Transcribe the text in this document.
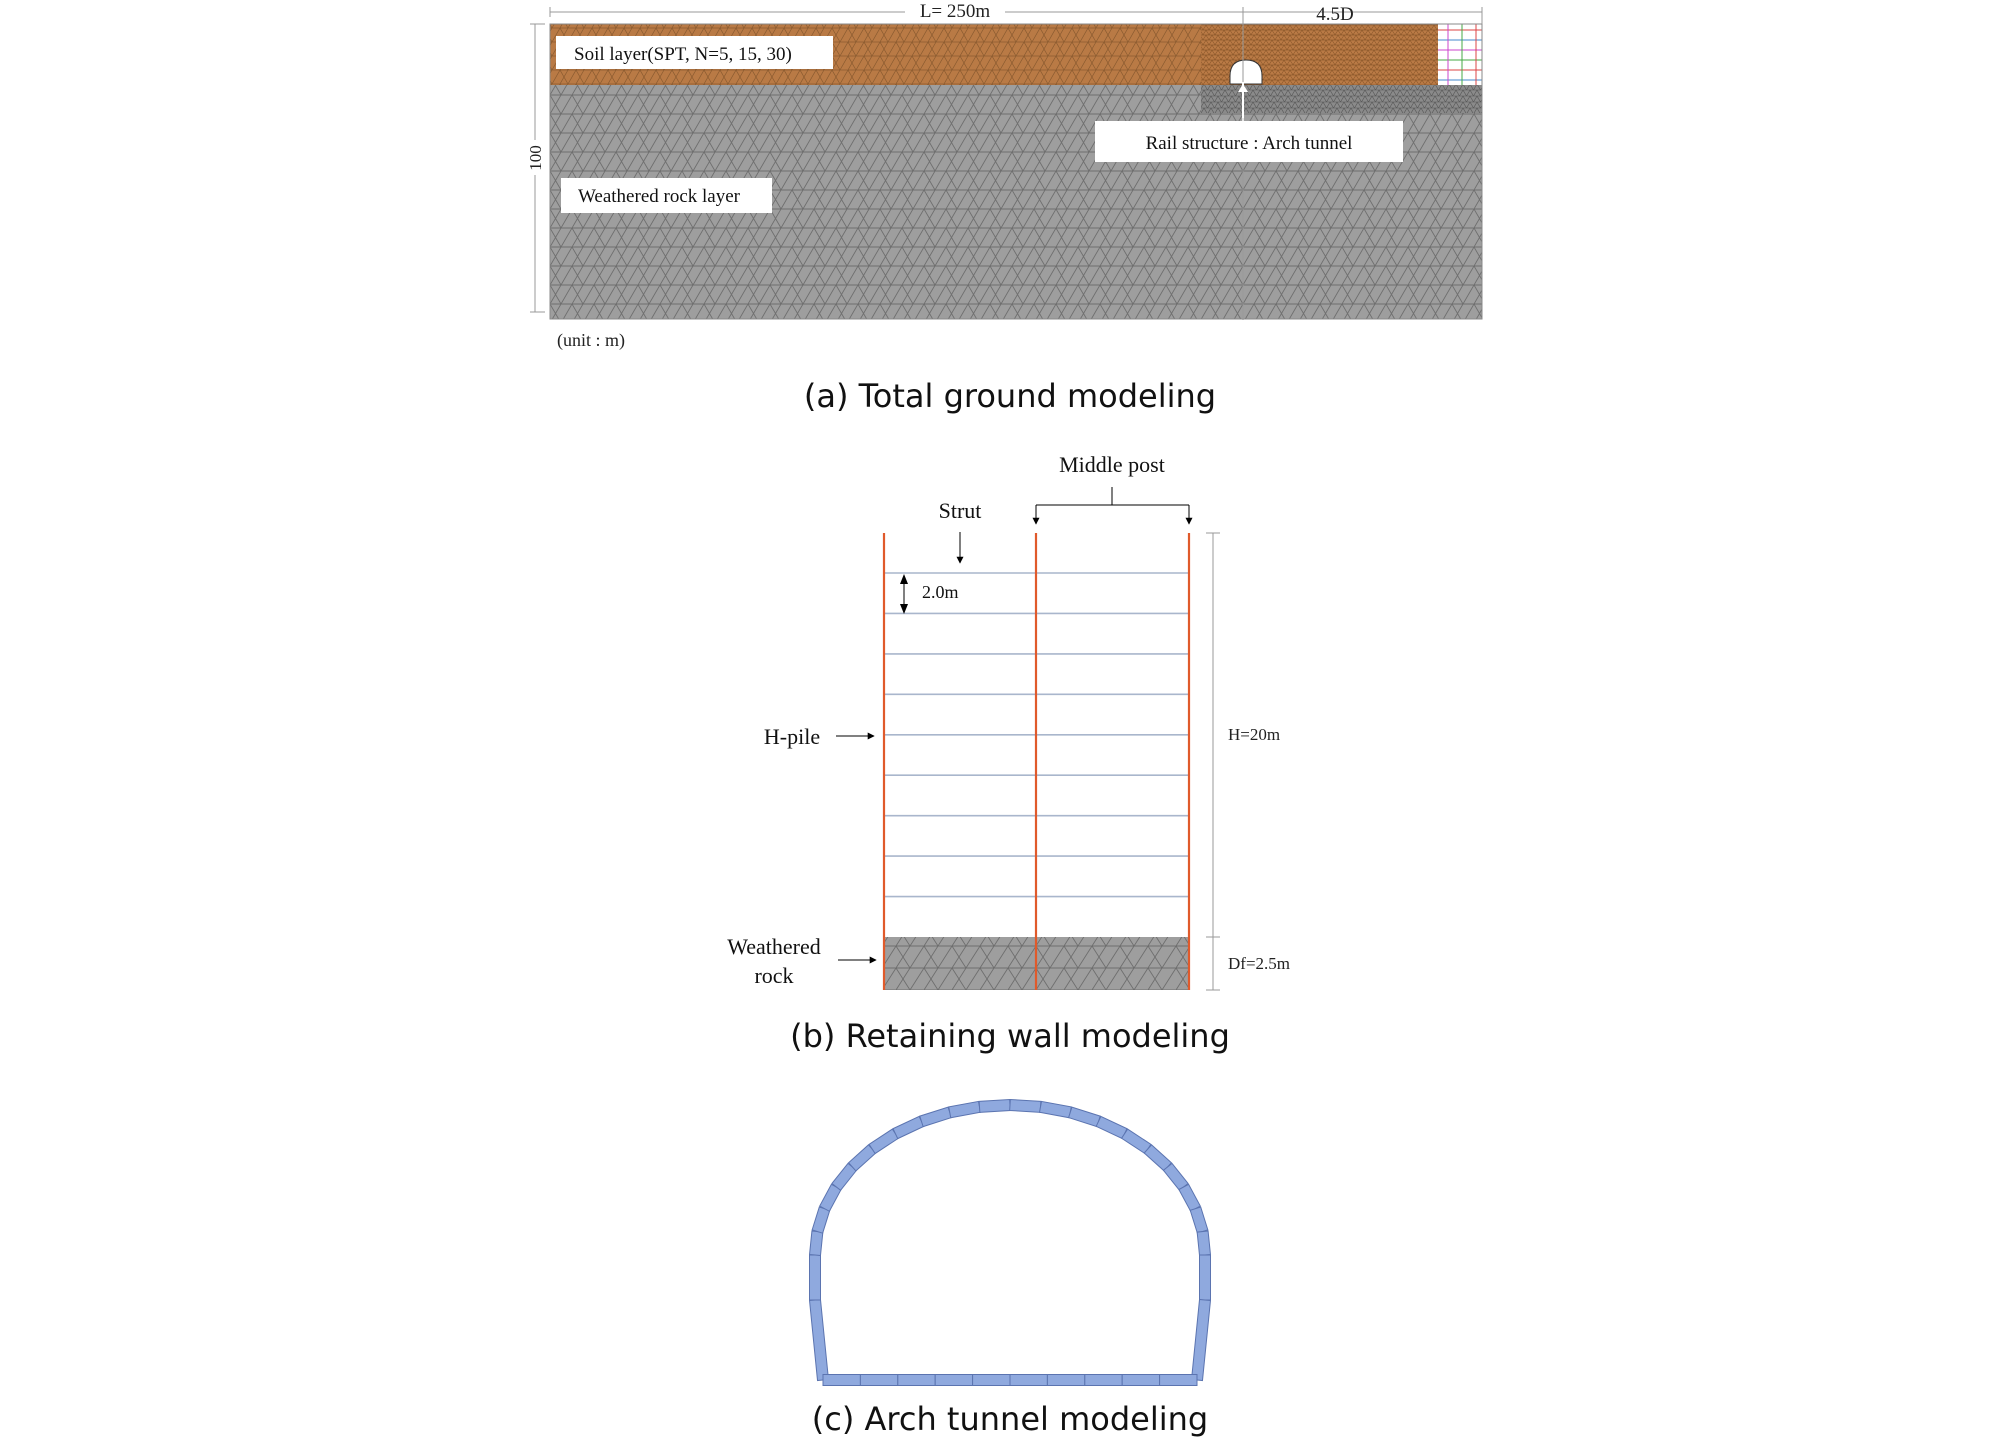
L= 250m	4.5D
100
Soil layer(SPT, N=5, 15, 30)
Weathered rock layer
Rail structure : Arch tunnel
(unit : m)
(a) Total ground modeling
Middle post
Strut
2.0m
H-pile
Weathered
rock
H=20m
Df=2.5m
(b) Retaining wall modeling
(c) Arch tunnel modeling
